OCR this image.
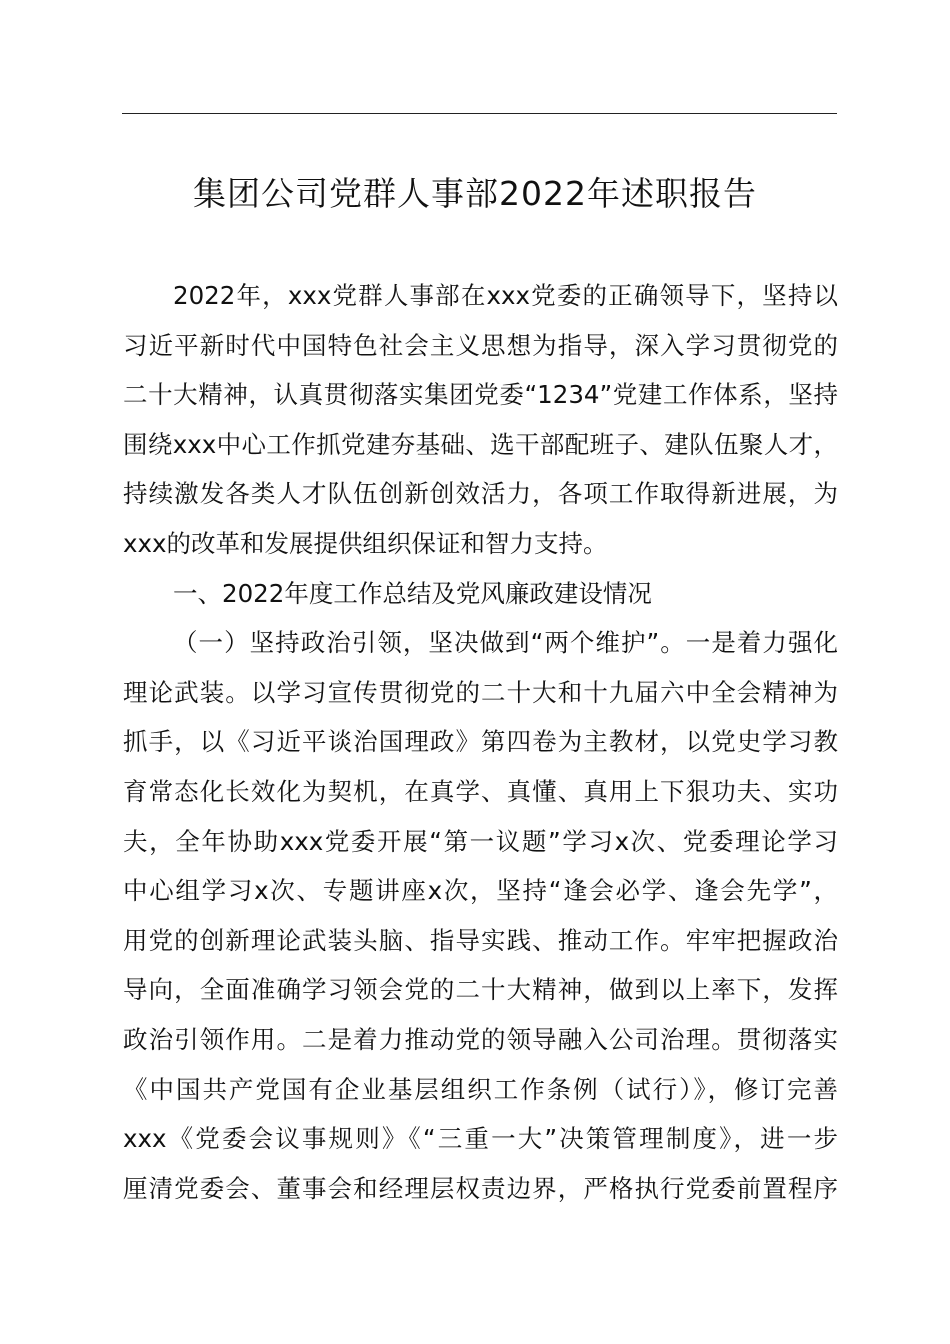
集团公司党群人事部2022年述职报告
2022年，xxx党群人事部在xxx党委的正确领导下，坚持以
习近平新时代中国特色社会主义思想为指导，深入学习贯彻党的
二十大精神，认真贯彻落实集团党委“1234”党建工作体系，坚持
围绕xxx中心工作抓党建夯基础、选干部配班子、建队伍聚人才，
持续激发各类人才队伍创新创效活力，各项工作取得新进展，为
xxx的改革和发展提供组织保证和智力支持。
一、2022年度工作总结及党风廉政建设情况
（一）坚持政治引领，坚决做到“两个维护”。一是着力强化
理论武装。以学习宣传贯彻党的二十大和十九届六中全会精神为
抓手，以《习近平谈治国理政》第四卷为主教材，以党史学习教
育常态化长效化为契机，在真学、真懂、真用上下狠功夫、实功
夫，全年协助xxx党委开展“第一议题”学习x次、党委理论学习
中心组学习x次、专题讲座x次，坚持“逢会必学、逢会先学”，
用党的创新理论武装头脑、指导实践、推动工作。牢牢把握政治
导向，全面准确学习领会党的二十大精神，做到以上率下，发挥
政治引领作用。二是着力推动党的领导融入公司治理。贯彻落实
《中国共产党国有企业基层组织工作条例（试行）》，修订完善
xxx《党委会议事规则》《“三重一大”决策管理制度》，进一步
厘清党委会、董事会和经理层权责边界，严格执行党委前置程序
